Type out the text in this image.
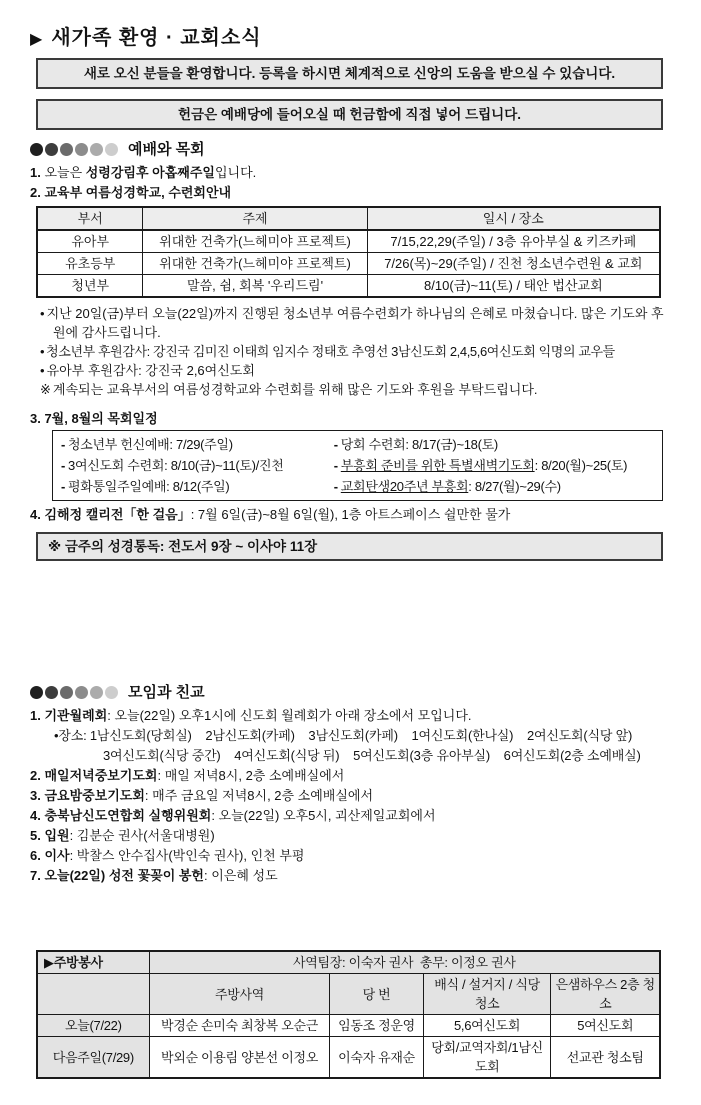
▶ 새가족 환영 · 교회소식
새로 오신 분들을 환영합니다. 등록을 하시면 체계적으로 신앙의 도움을 받으실 수 있습니다.
헌금은 예배당에 들어오실 때 헌금함에 직접 넣어 드립니다.
예배와 목회

1. 오늘은 성령강림후 아홉째주일입니다.

2. 교육부 여름성경학교, 수련회안내

부서	주제	일시 / 장소
유아부	위대한 건축가(느헤미야 프로젝트)	7/15,22,29(주일) / 3층 유아부실 & 키즈카페
유초등부	위대한 건축가(느헤미야 프로젝트)	7/26(목)~29(주일) / 진천 청소년수련원 & 교회
청년부	말씀, 쉼, 회복 '우리드림'	8/10(금)~11(토) / 태안 법산교회

• 지난 20일(금)부터 오늘(22일)까지 진행된 청소년부 여름수련회가 하나님의 은혜로 마쳤습니다. 많은 기도와 후원에 감사드립니다.

• 청소년부 후원감사: 강진국 김미진 이태희 임지수 정태호 추영선 3남신도회 2,4,5,6여신도회 익명의 교우들

• 유아부 후원감사: 강진국 2,6여신도회

※ 계속되는 교육부서의 여름성경학교와 수련회를 위해 많은 기도와 후원을 부탁드립니다.

3. 7월, 8월의 목회일정

- 청소년부 헌신예배: 7/29(주일)

- 3여신도회 수련회: 8/10(금)~11(토)/진천

- 평화통일주일예배: 8/12(주일)

- 당회 수련회: 8/17(금)~18(토)

- 부흥회 준비를 위한 특별새벽기도회: 8/20(월)~25(토)

- 교회탄생20주년 부흥회: 8/27(월)~29(수)

4. 김해정 캘리전「한 걸음」: 7월 6일(금)~8월 6일(월), 1층 아트스페이스 쉴만한 물가

※ 금주의 성경통독: 전도서 9장 ~ 이사야 11장
모임과 친교

1. 기관월례회: 오늘(22일) 오후1시에 신도회 월례회가 아래 장소에서 모입니다.

•장소: 1남신도회(당회실)    2남신도회(카페)    3남신도회(카페)    1여신도회(한나실)    2여신도회(식당 앞)

3여신도회(식당 중간)    4여신도회(식당 뒤)    5여신도회(3층 유아부실)    6여신도회(2층 소예배실)

2. 매일저녁중보기도회: 매일 저녁8시, 2층 소예배실에서

3. 금요밤중보기도회: 매주 금요일 저녁8시, 2층 소예배실에서

4. 충북남신도연합회 실행위원회: 오늘(22일) 오후5시, 괴산제일교회에서

5. 입원: 김분순 권사(서울대병원)

6. 이사: 박찰스 안수집사(박인숙 권사), 인천 부평

7. 오늘(22일) 성전 꽃꽂이 봉헌: 이은혜 성도

▶주방봉사	사역팀장: 이숙자 권사  총무: 이정오 권사			
	주방사역	당 번	배식 / 설거지 / 식당 청소	은샘하우스 2층 청소
오늘(7/22)	박경순 손미숙 최창복 오순근	임동조 정운영	5,6여신도회	5여신도회
다음주일(7/29)	박외순 이용림 양본선 이정오	이숙자 유재순	당회/교역자회/1남신도회	선교관 청소팀
